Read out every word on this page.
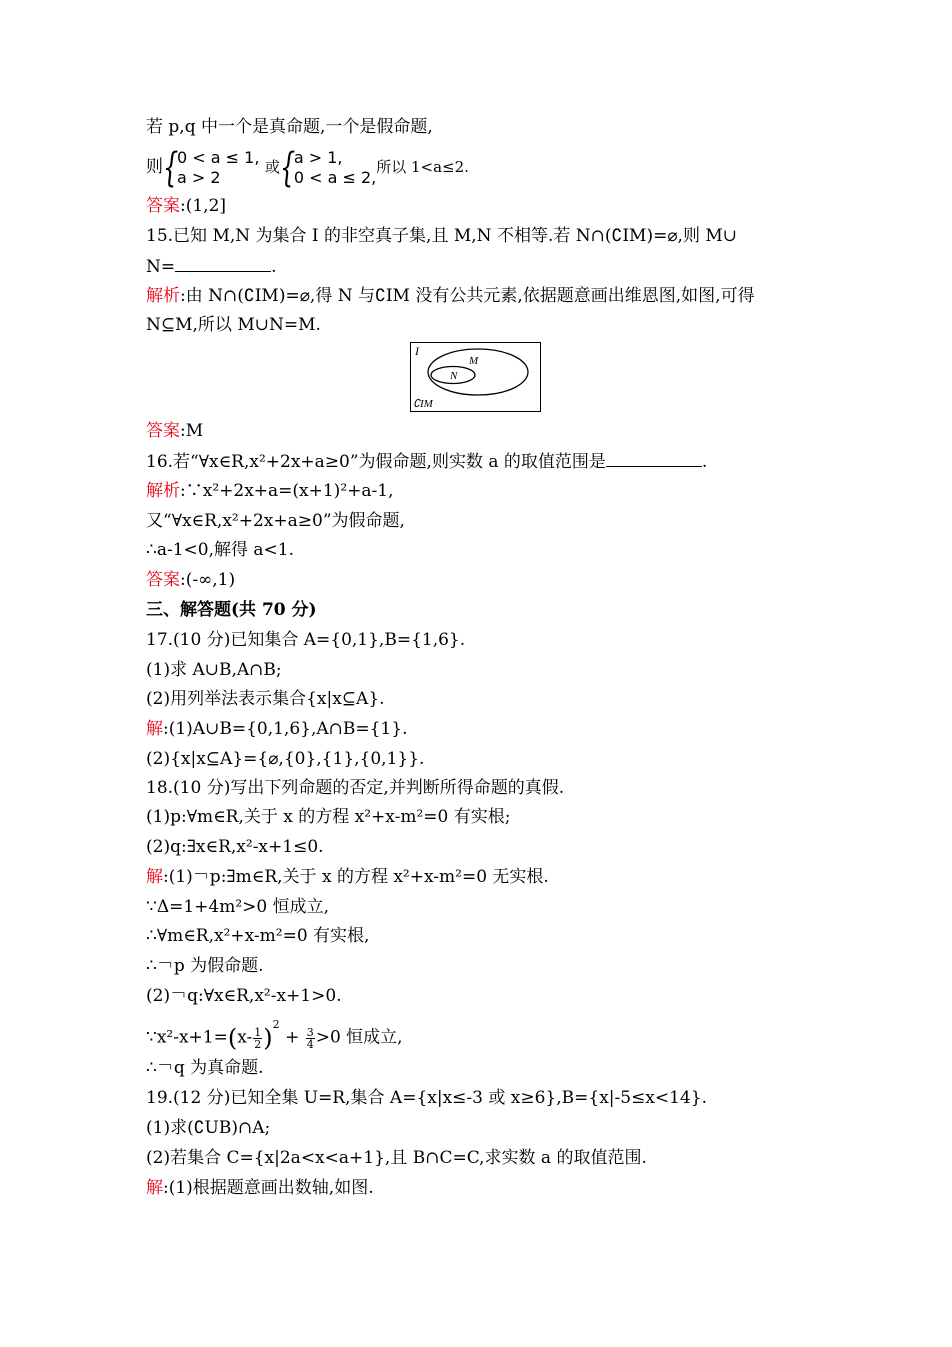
若 p,q 中一个是真命题,一个是假命题,
则 {
0 < a ≤ 1,
a > 2
或 {
a > 1,
0 < a ≤ 2,
所以 1<a≤2.
答案:(1,2]
15.已知 M,N 为集合 I 的非空真子集,且 M,N 不相等.若 N∩(∁IM)=⌀,则 M∪
N=	.
解析:由 N∩(∁IM)=⌀,得 N 与∁IM 没有公共元素,依据题意画出维恩图,如图,可得
N⊆M,所以 M∪N=M.
I
M
N
∁IM
答案:M
16.若“∀x∈R,x²+2x+a≥0”为假命题,则实数 a 的取值范围是	.
解析:∵x²+2x+a=(x+1)²+a-1,
又“∀x∈R,x²+2x+a≥0”为假命题,
∴a-1<0,解得 a<1.
答案:(-∞,1)
三、解答题(共 70 分)
17.(10 分)已知集合 A={0,1},B={1,6}.
(1)求 A∪B,A∩B;
(2)用列举法表示集合{x|x⊆A}.
解:(1)A∪B={0,1,6},A∩B={1}.
(2){x|x⊆A}={⌀,{0},{1},{0,1}}.
18.(10 分)写出下列命题的否定,并判断所得命题的真假.
(1)p:∀m∈R,关于 x 的方程 x²+x-m²=0 有实根;
(2)q:∃x∈R,x²-x+1≤0.
解:(1)￢p:∃m∈R,关于 x 的方程 x²+x-m²=0 无实根.
∵Δ=1+4m²>0 恒成立,
∴∀m∈R,x²+x-m²=0 有实根,
∴￢p 为假命题.
(2)￢q:∀x∈R,x²-x+1>0.
∵x²-x+1=(x- $\frac{1}{2} )^2 + \frac{3}{4} >0$ 恒成立,
∴￢q 为真命题.
19.(12 分)已知全集 U=R,集合 A={x|x≤-3 或 x≥6},B={x|-5≤x<14}.
(1)求(∁UB)∩A;
(2)若集合 C={x|2a<x<a+1},且 B∩C=C,求实数 a 的取值范围.
解:(1)根据题意画出数轴,如图.
